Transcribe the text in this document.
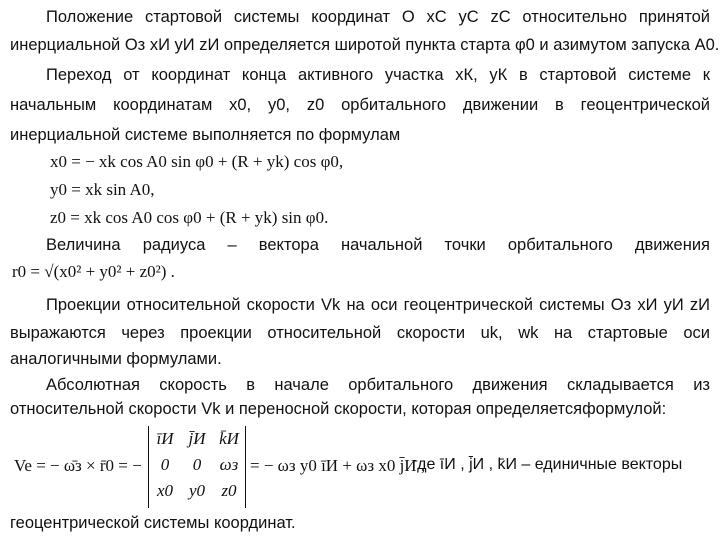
Положение стартовой системы координат O xC yC zC относительно принятой
инерциальной Oз xИ yИ zИ определяется широтой пункта старта φ0 и азимутом запуска A0.
Переход от координат конца активного участка xК, yК в стартовой системе к
начальным координатам x0, y0, z0 орбитального движении в геоцентрической
инерциальной системе выполняется по формулам
x0 = − xk cos A0 sin φ0 + (R + yk) cos φ0,
y0 = xk sin A0,
z0 = xk cos A0 cos φ0 + (R + yk) sin φ0.
Величина радиуса – вектора начальной точки орбитального движения
r0 = √(x0² + y0² + z0²) .
Проекции относительной скорости Vk на оси геоцентрической системы Oз xИ yИ zИ
выражаются через проекции относительной скорости uk, wk на стартовые оси
аналогичными формулами.
Абсолютная скорость в начале орбитального движения складывается из
относительной скорости Vk и переносной скорости, которая определяетсяформулой:
Ve = − ω̄з × r̄0 = −
īИ	j̄И	k̄И
0	0	ωз
x0	y0	z0
= − ωз y0 īИ + ωз x0 j̄И ,
где īИ , j̄И , k̄И – единичные векторы
геоцентрической системы координат.
